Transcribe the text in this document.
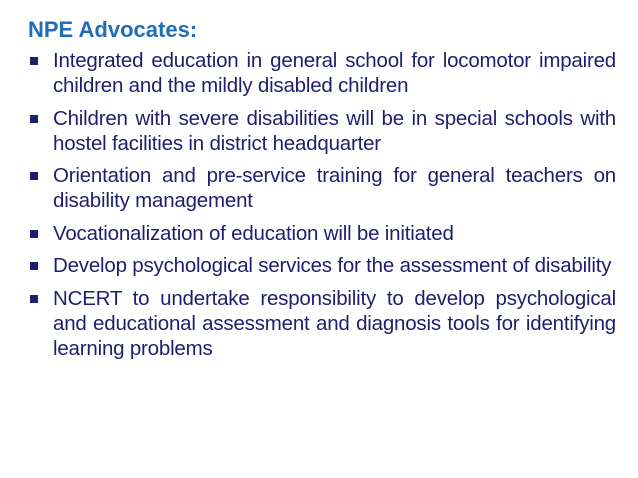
NPE Advocates:
Integrated education in general school for locomotor impaired children and the mildly disabled children
Children with severe disabilities will be in special schools with hostel facilities in district headquarter
Orientation and pre-service training for general teachers on disability management
Vocationalization of education will be initiated
Develop psychological services for the assessment of disability
NCERT to undertake responsibility to develop psychological and educational assessment and diagnosis tools for identifying learning problems
